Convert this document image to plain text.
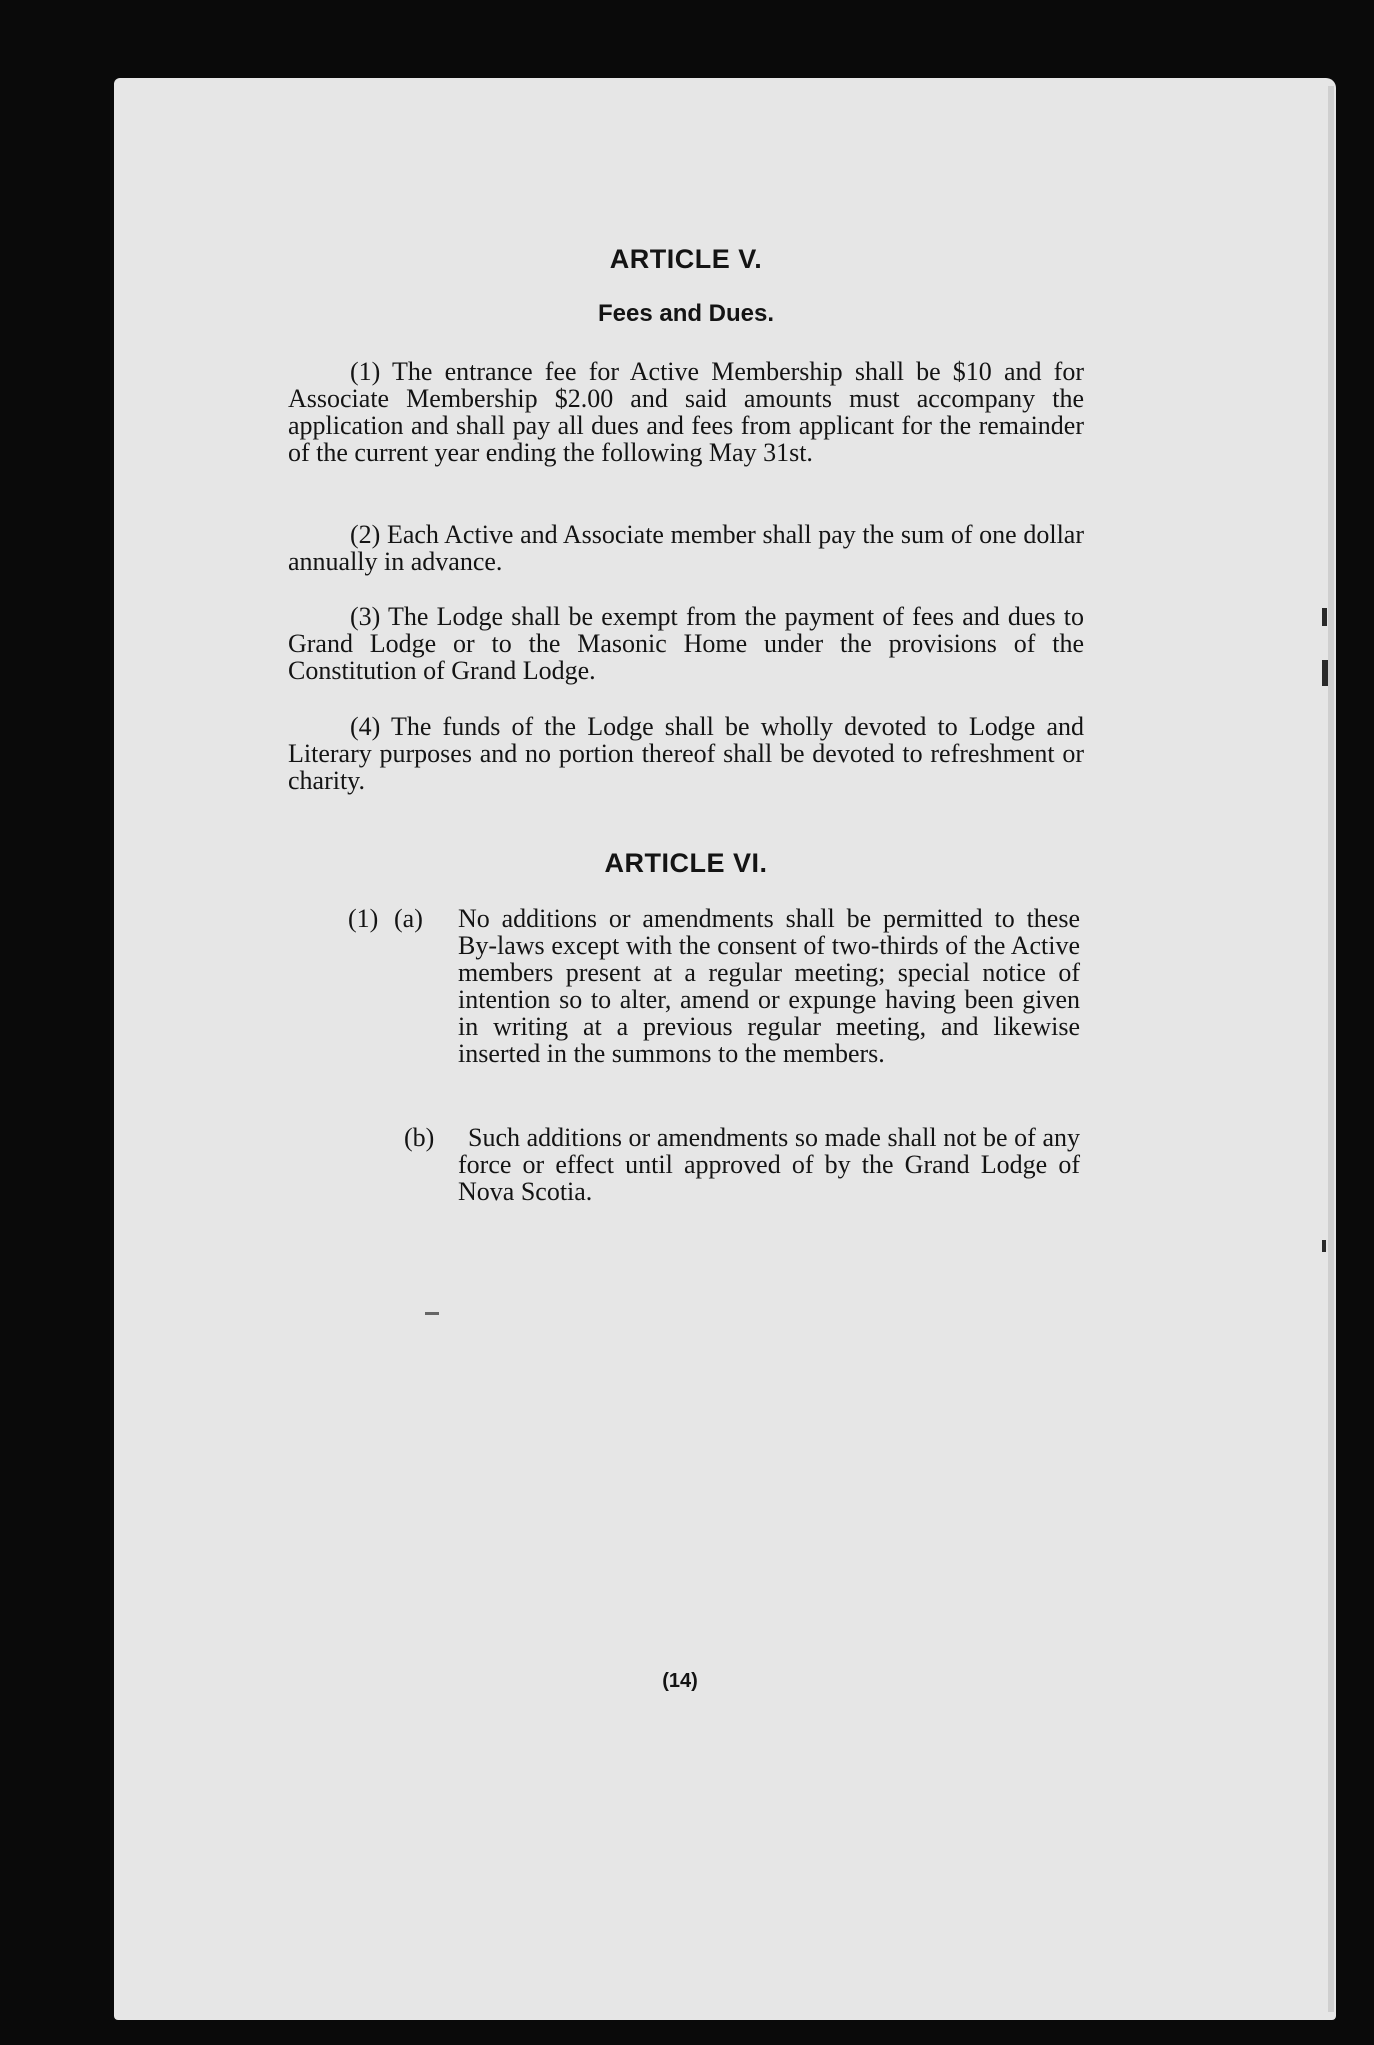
ARTICLE V.
Fees and Dues.

(1) The entrance fee for Active Membership shall be $10 and for Associate Membership $2.00 and said amounts must accompany the application and shall pay all dues and fees from applicant for the remainder of the current year ending the following May 31st.

(2) Each Active and Associate member shall pay the sum of one dollar annually in advance.

(3) The Lodge shall be exempt from the payment of fees and dues to Grand Lodge or to the Masonic Home under the provisions of the Constitution of Grand Lodge.

(4) The funds of the Lodge shall be wholly devoted to Lodge and Literary purposes and no portion thereof shall be devoted to refreshment or charity.

ARTICLE VI.
(1) (a) No additions or amendments shall be permitted to these By-laws except with the consent of two-thirds of the Active members present at a regular meeting; special notice of intention so to alter, amend or expunge having been given in writing at a previous regular meeting, and likewise inserted in the summons to the members.
(b)	Such additions or amendments so made shall not be of any force or effect until approved of by the Grand Lodge of Nova Scotia.
(14)
